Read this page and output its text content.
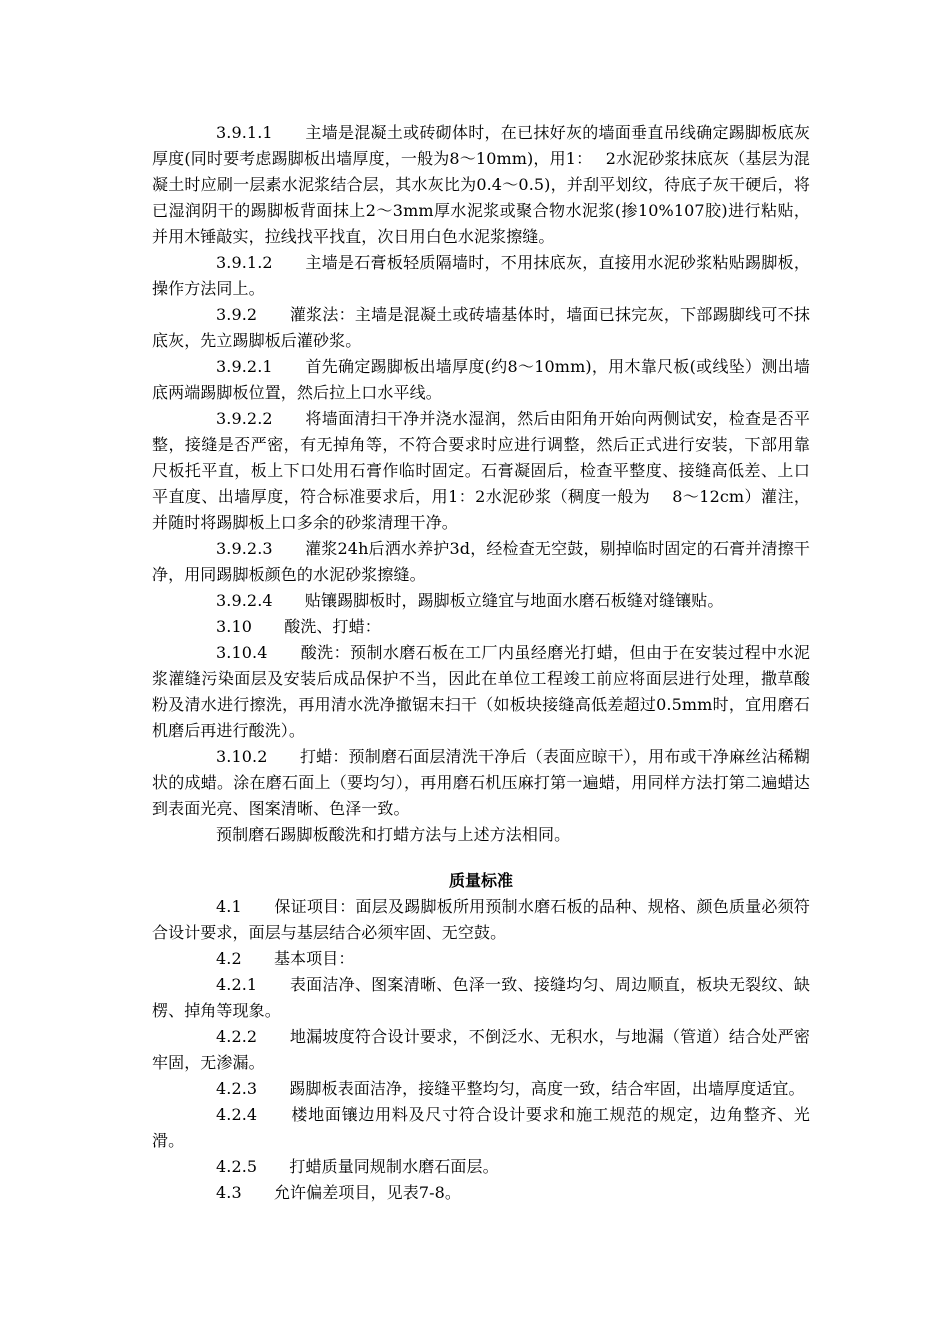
3.9.1.1　　主墙是混凝土或砖砌体时，在已抹好灰的墙面垂直吊线确定踢脚板底灰厚度(同时要考虑踢脚板出墙厚度，一般为8～10mm)，用1：　 2水泥砂浆抹底灰（基层为混凝土时应刷一层素水泥浆结合层，其水灰比为0.4～0.5)，并刮平划纹，待底子灰干硬后，将已湿润阴干的踢脚板背面抹上2～3mm厚水泥浆或聚合物水泥浆(掺10%107胶)进行粘贴，并用木锤敲实，拉线找平找直，次日用白色水泥浆擦缝。

3.9.1.2　　主墙是石膏板轻质隔墙时，不用抹底灰，直接用水泥砂浆粘贴踢脚板，操作方法同上。

3.9.2　　灌浆法：主墙是混凝土或砖墙基体时，墙面已抹完灰，下部踢脚线可不抹底灰，先立踢脚板后灌砂浆。

3.9.2.1　　首先确定踢脚板出墙厚度(约8～10mm)，用木靠尺板(或线坠）测出墙底两端踢脚板位置，然后拉上口水平线。

3.9.2.2　　将墙面清扫干净并浇水湿润，然后由阳角开始向两侧试安，检查是否平整，接缝是否严密，有无掉角等，不符合要求时应进行调整，然后正式进行安装，下部用靠尺板托平直，板上下口处用石膏作临时固定。石膏凝固后，检查平整度、接缝高低差、上口平直度、出墙厚度，符合标准要求后，用1：2水泥砂浆（稠度一般为　 8～12cm）灌注，并随时将踢脚板上口多余的砂浆清理干净。

3.9.2.3　　灌浆24h后洒水养护3d，经检查无空鼓，剔掉临时固定的石膏并清擦干净，用同踢脚板颜色的水泥砂浆擦缝。

3.9.2.4　　贴镶踢脚板时，踢脚板立缝宜与地面水磨石板缝对缝镶贴。

3.10　　酸洗、打蜡：

3.10.4　　酸洗：预制水磨石板在工厂内虽经磨光打蜡，但由于在安装过程中水泥浆灌缝污染面层及安装后成品保护不当，因此在单位工程竣工前应将面层进行处理，撒草酸粉及清水进行擦洗，再用清水洗净撤锯末扫干（如板块接缝高低差超过0.5mm时，宜用磨石机磨后再进行酸洗）。

3.10.2　　打蜡：预制磨石面层清洗干净后（表面应晾干），用布或干净麻丝沾稀糊状的成蜡。涂在磨石面上（要均匀），再用磨石机压麻打第一遍蜡，用同样方法打第二遍蜡达到表面光亮、图案清晰、色泽一致。

预制磨石踢脚板酸洗和打蜡方法与上述方法相同。

质量标准

4.1　　保证项目：面层及踢脚板所用预制水磨石板的品种、规格、颜色质量必须符合设计要求，面层与基层结合必须牢固、无空鼓。

4.2　　基本项目：

4.2.1　　表面洁净、图案清晰、色泽一致、接缝均匀、周边顺直，板块无裂纹、缺楞、掉角等现象。

4.2.2　　地漏坡度符合设计要求，不倒泛水、无积水，与地漏（管道）结合处严密牢固，无渗漏。

4.2.3　　踢脚板表面洁净，接缝平整均匀，高度一致，结合牢固，出墙厚度适宜。

4.2.4　　楼地面镶边用料及尺寸符合设计要求和施工规范的规定，边角整齐、光滑。

4.2.5　　打蜡质量同规制水磨石面层。

4.3　　允许偏差项目，见表7-8。
